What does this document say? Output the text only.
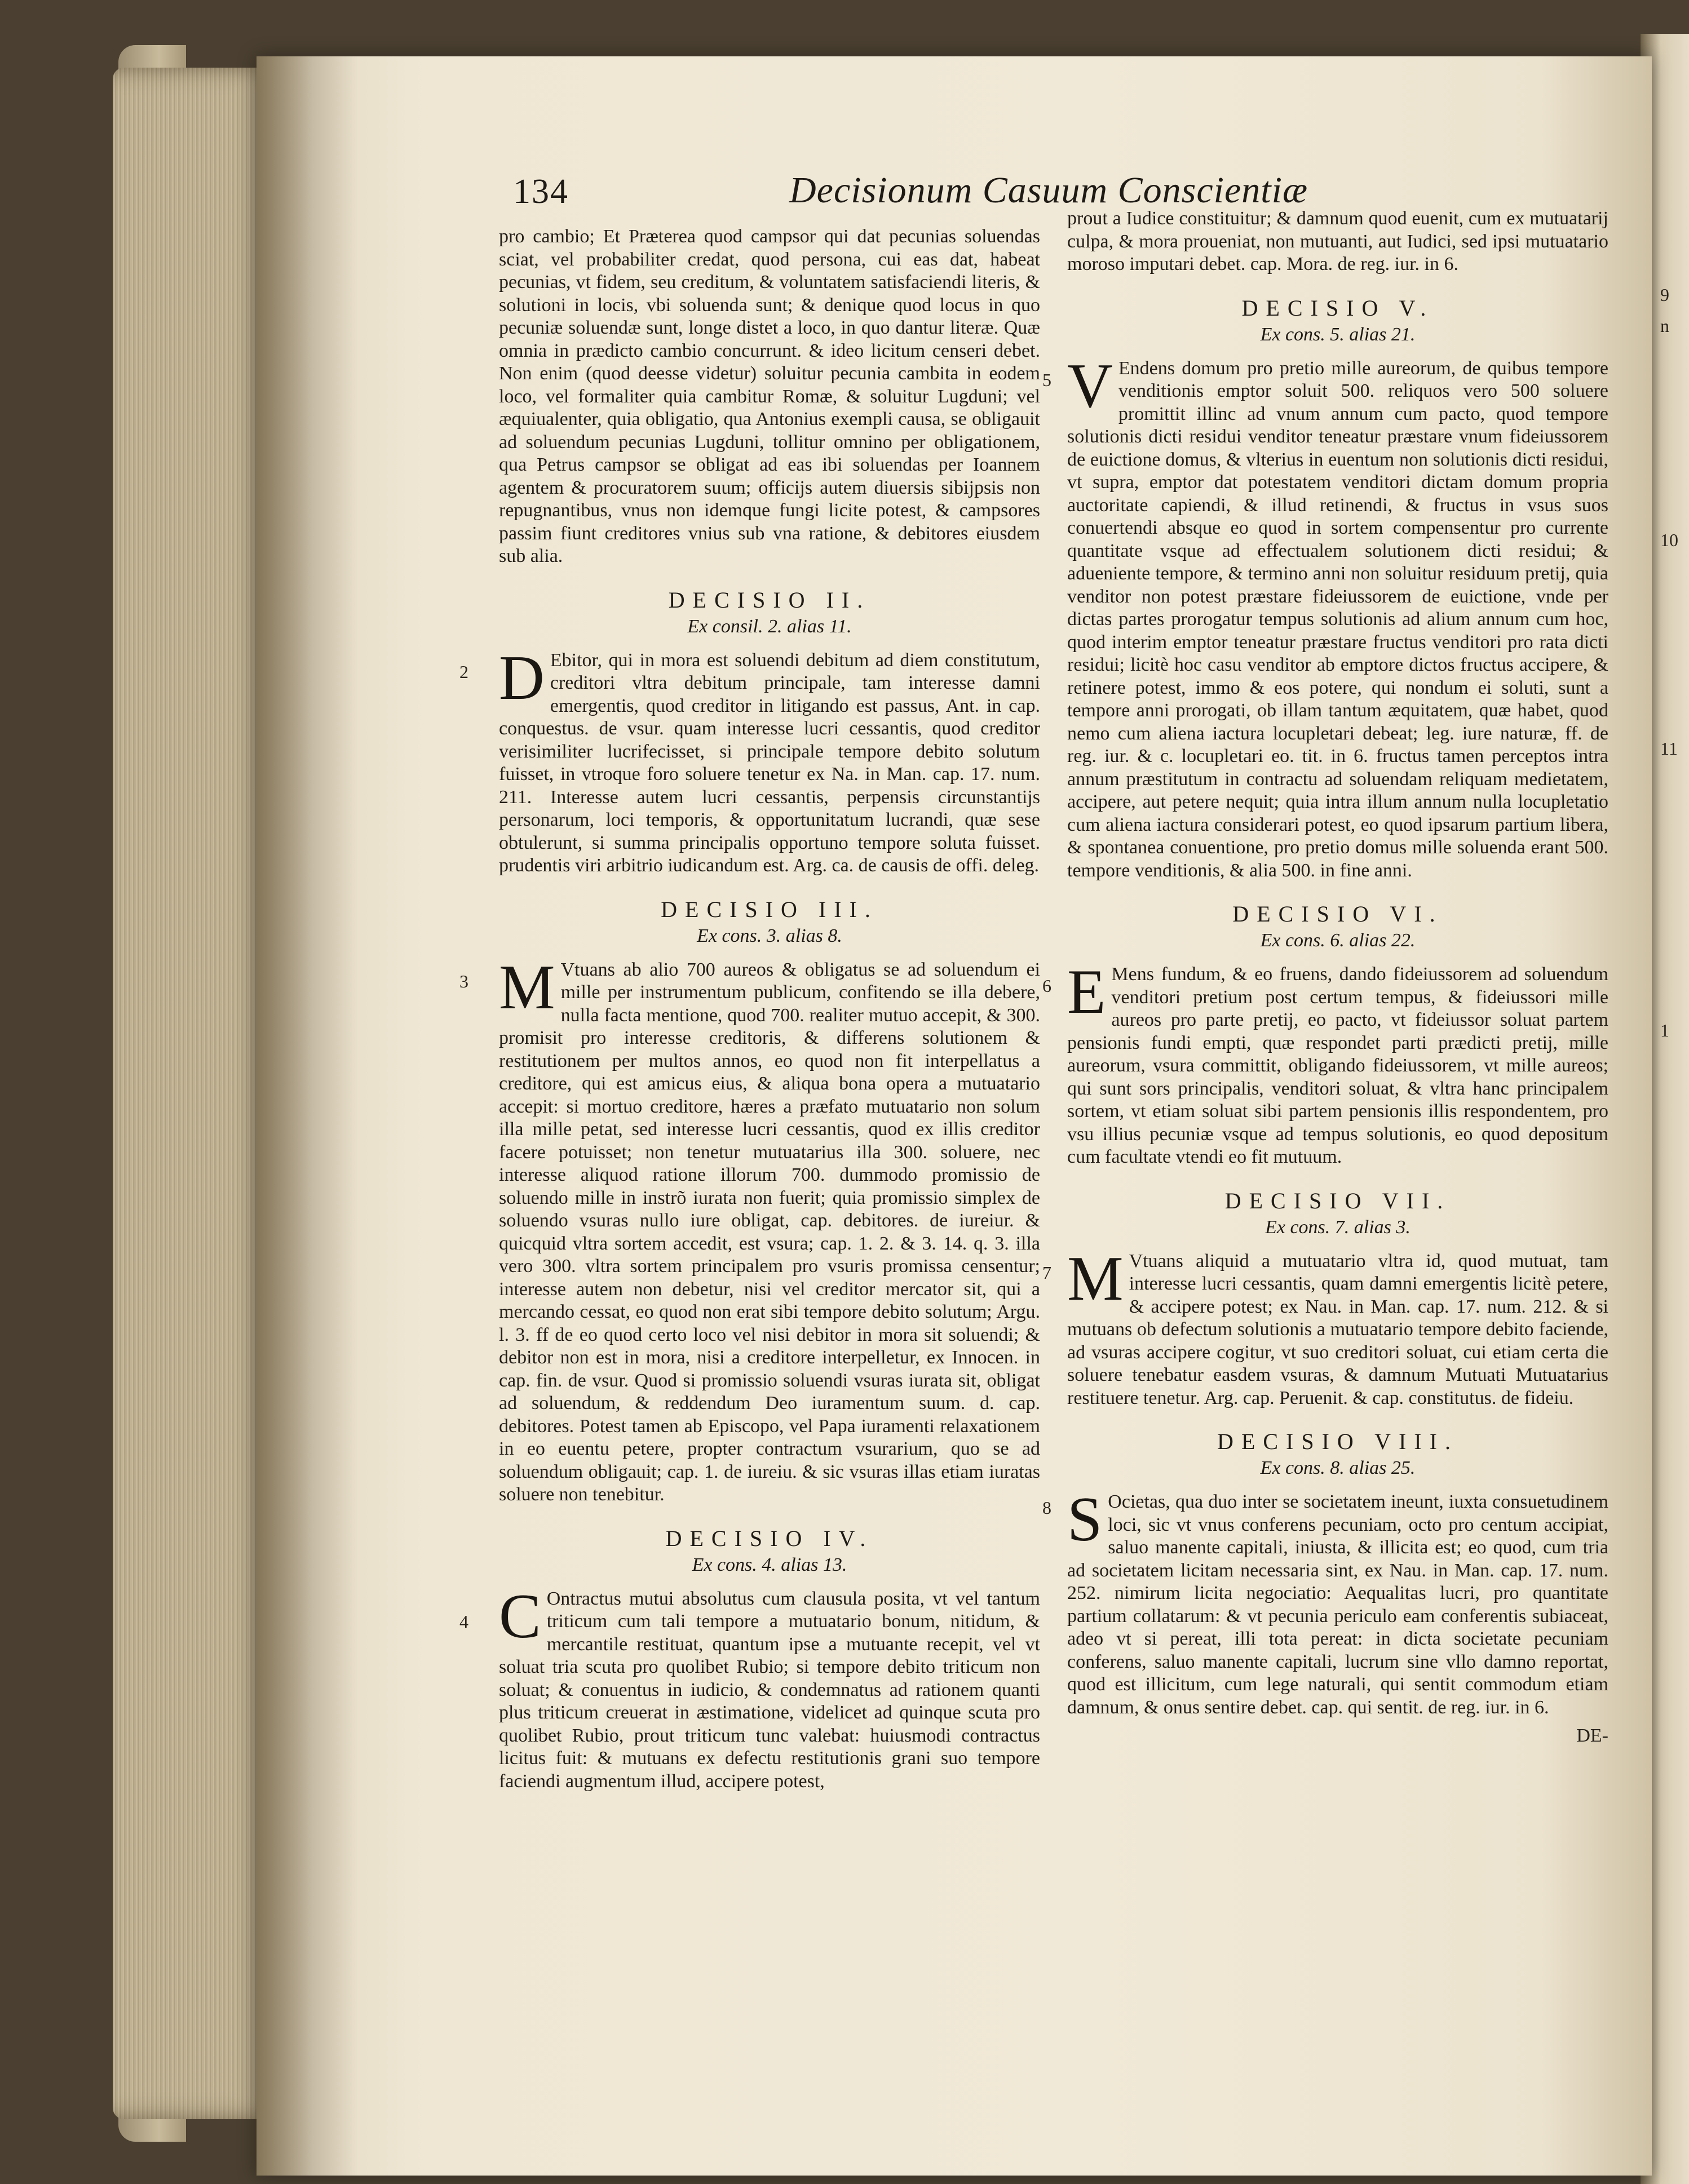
134	Decisionum Casuum Conscientiæ

pro cambio; Et Præterea quod campsor qui dat pecunias soluendas sciat, vel probabiliter credat, quod persona, cui eas dat, habeat pecunias, vt fidem, seu creditum, & voluntatem satisfaciendi literis, & solutioni in locis, vbi soluenda sunt; & denique quod locus in quo pecuniæ soluendæ sunt, longe distet a loco, in quo dantur literæ. Quæ omnia in prædicto cambio concurrunt. & ideo licitum censeri debet. Non enim (quod deesse videtur) soluitur pecunia cambita in eodem loco, vel formaliter quia cambitur Romæ, & soluitur Lugduni; vel æquiualenter, quia obligatio, qua Antonius exempli causa, se obligauit ad soluendum pecunias Lugduni, tollitur omnino per obligationem, qua Petrus campsor se obligat ad eas ibi soluendas per Ioannem agentem & procuratorem suum; officijs autem diuersis sibijpsis non repugnantibus, vnus non idemque fungi licite potest, & campsores passim fiunt creditores vnius sub vna ratione, & debitores eiusdem sub alia.

DECISIO II.
Ex consil. 2. alias 11.
2 D Ebitor, qui in mora est soluendi debitum ad diem constitutum, creditori vltra debitum principale, tam interesse damni emergentis, quod creditor in litigando est passus, Ant. in cap. conquestus. de vsur. quam interesse lucri cessantis, quod creditor verisimiliter lucrifecisset, si principale tempore debito solutum fuisset, in vtroque foro soluere tenetur ex Na. in Man. cap. 17. num. 211. Interesse autem lucri cessantis, perpensis circunstantijs personarum, loci temporis, & opportunitatum lucrandi, quæ sese obtulerunt, si summa principalis opportuno tempore soluta fuisset. prudentis viri arbitrio iudicandum est. Arg. ca. de causis de offi. deleg.

DECISIO III.
Ex cons. 3. alias 8.
3 M Vtuans ab alio 700 aureos & obligatus se ad soluendum ei mille per instrumentum publicum, confitendo se illa debere, nulla facta mentione, quod 700. realiter mutuo accepit, & 300. promisit pro interesse creditoris, & differens solutionem & restitutionem per multos annos, eo quod non fit interpellatus a creditore, qui est amicus eius, & aliqua bona opera a mutuatario accepit: si mortuo creditore, hæres a præfato mutuatario non solum illa mille petat, sed interesse lucri cessantis, quod ex illis creditor facere potuisset; non tenetur mutuatarius illa 300. soluere, nec interesse aliquod ratione illorum 700. dummodo promissio de soluendo mille in instrõ iurata non fuerit; quia promissio simplex de soluendo vsuras nullo iure obligat, cap. debitores. de iureiur. & quicquid vltra sortem accedit, est vsura; cap. 1. 2. & 3. 14. q. 3. illa vero 300. vltra sortem principalem pro vsuris promissa censentur; interesse autem non debetur, nisi vel creditor mercator sit, qui a mercando cessat, eo quod non erat sibi tempore debito solutum; Argu. l. 3. ff de eo quod certo loco vel nisi debitor in mora sit soluendi; & debitor non est in mora, nisi a creditore interpelletur, ex Innocen. in cap. fin. de vsur. Quod si promissio soluendi vsuras iurata sit, obligat ad soluendum, & reddendum Deo iuramentum suum. d. cap. debitores. Potest tamen ab Episcopo, vel Papa iuramenti relaxationem in eo euentu petere, propter contractum vsurarium, quo se ad soluendum obligauit; cap. 1. de iureiu. & sic vsuras illas etiam iuratas soluere non tenebitur.

DECISIO IV.
Ex cons. 4. alias 13.
4 C Ontractus mutui absolutus cum clausula posita, vt vel tantum triticum cum tali tempore a mutuatario bonum, nitidum, & mercantile restituat, quantum ipse a mutuante recepit, vel vt soluat tria scuta pro quolibet Rubio; si tempore debito triticum non soluat; & conuentus in iudicio, & condemnatus ad rationem quanti plus triticum creuerat in æstimatione, videlicet ad quinque scuta pro quolibet Rubio, prout triticum tunc valebat: huiusmodi contractus licitus fuit: & mutuans ex defectu restitutionis grani suo tempore faciendi augmentum illud, accipere potest,

prout a Iudice constituitur; & damnum quod euenit, cum ex mutuatarij culpa, & mora proueniat, non mutuanti, aut Iudici, sed ipsi mutuatario moroso imputari debet. cap. Mora. de reg. iur. in 6.

DECISIO V.
Ex cons. 5. alias 21.
5 V Endens domum pro pretio mille aureorum, de quibus tempore venditionis emptor soluit 500. reliquos vero 500 soluere promittit illinc ad vnum annum cum pacto, quod tempore solutionis dicti residui venditor teneatur præstare vnum fideiussorem de euictione domus, & vlterius in euentum non solutionis dicti residui, vt supra, emptor dat potestatem venditori dictam domum propria auctoritate capiendi, & illud retinendi, & fructus in vsus suos conuertendi absque eo quod in sortem compensentur pro currente quantitate vsque ad effectualem solutionem dicti residui; & adueniente tempore, & termino anni non soluitur residuum pretij, quia venditor non potest præstare fideiussorem de euictione, vnde per dictas partes prorogatur tempus solutionis ad alium annum cum hoc, quod interim emptor teneatur præstare fructus venditori pro rata dicti residui; licitè hoc casu venditor ab emptore dictos fructus accipere, & retinere potest, immo & eos potere, qui nondum ei soluti, sunt a tempore anni prorogati, ob illam tantum æquitatem, quæ habet, quod nemo cum aliena iactura locupletari debeat; leg. iure naturæ, ff. de reg. iur. & c. locupletari eo. tit. in 6. fructus tamen perceptos intra annum præstitutum in contractu ad soluendam reliquam medietatem, accipere, aut petere nequit; quia intra illum annum nulla locupletatio cum aliena iactura considerari potest, eo quod ipsarum partium libera, & spontanea conuentione, pro pretio domus mille soluenda erant 500. tempore venditionis, & alia 500. in fine anni.

DECISIO VI.
Ex cons. 6. alias 22.
6 E Mens fundum, & eo fruens, dando fideiussorem ad soluendum venditori pretium post certum tempus, & fideiussori mille aureos pro parte pretij, eo pacto, vt fideiussor soluat partem pensionis fundi empti, quæ respondet parti prædicti pretij, mille aureorum, vsura committit, obligando fideiussorem, vt mille aureos; qui sunt sors principalis, venditori soluat, & vltra hanc principalem sortem, vt etiam soluat sibi partem pensionis illis respondentem, pro vsu illius pecuniæ vsque ad tempus solutionis, eo quod depositum cum facultate vtendi eo fit mutuum.

DECISIO VII.
Ex cons. 7. alias 3.
7 M Vtuans aliquid a mutuatario vltra id, quod mutuat, tam interesse lucri cessantis, quam damni emergentis licitè petere, & accipere potest; ex Nau. in Man. cap. 17. num. 212. & si mutuans ob defectum solutionis a mutuatario tempore debito faciende, ad vsuras accipere cogitur, vt suo creditori soluat, cui etiam certa die soluere tenebatur easdem vsuras, & damnum Mutuati Mutuatarius restituere tenetur. Arg. cap. Peruenit. & cap. constitutus. de fideiu.

DECISIO VIII.
Ex cons. 8. alias 25.
8 S Ocietas, qua duo inter se societatem ineunt, iuxta consuetudinem loci, sic vt vnus conferens pecuniam, octo pro centum accipiat, saluo manente capitali, iniusta, & illicita est; eo quod, cum tria ad societatem licitam necessaria sint, ex Nau. in Man. cap. 17. num. 252. nimirum licita negociatio: Aequalitas lucri, pro quantitate partium collatarum: & vt pecunia periculo eam conferentis subiaceat, adeo vt si pereat, illi tota pereat: in dicta societate pecuniam conferens, saluo manente capitali, lucrum sine vllo damno reportat, quod est illicitum, cum lege naturali, qui sentit commodum etiam damnum, & onus sentire debet. cap. qui sentit. de reg. iur. in 6.

DE-
9
n
10
11
1
